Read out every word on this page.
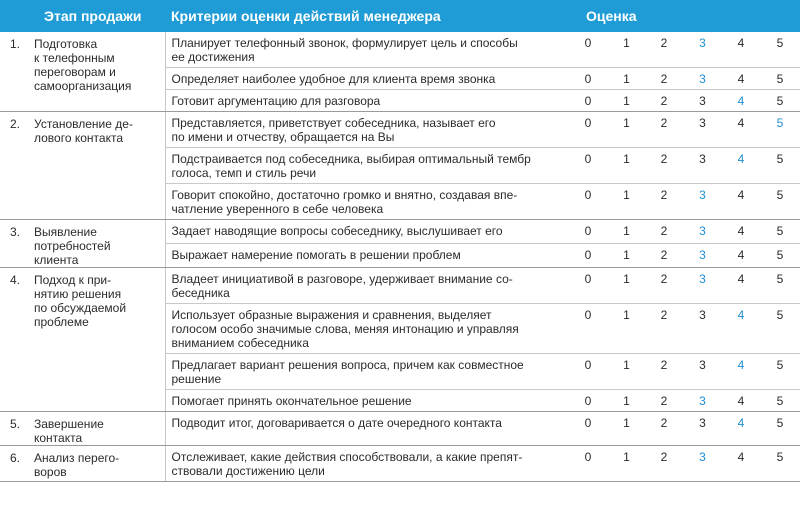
Этап продажи		Критерии оценки действий менеджера	Оценка					
1.	Подготовка
к телефонным
переговорам и
самоорганизация	Планирует телефонный звонок, формулирует цель и способы
ее достижения	0	1	2	3	4	5
		Определяет наиболее удобное для клиента время звонка	0	1	2	3	4	5
		Готовит аргументацию для разговора	0	1	2	3	4	5
2.	Установление де-
лового контакта	Представляется, приветствует собеседника, называет его
по имени и отчеству, обращается на Вы	0	1	2	3	4	5
		Подстраивается под собеседника, выбирая оптимальный тембр
голоса, темп и стиль речи	0	1	2	3	4	5
		Говорит спокойно, достаточно громко и внятно, создавая впе-
чатление уверенного в себе человека	0	1	2	3	4	5
3.	Выявление
потребностей
клиента	Задает наводящие вопросы собеседнику, выслушивает его	0	1	2	3	4	5
		Выражает намерение помогать в решении проблем	0	1	2	3	4	5
4.	Подход к при-
нятию решения
по обсуждаемой
проблеме	Владеет инициативой в разговоре, удерживает внимание со-
беседника	0	1	2	3	4	5
		Использует образные выражения и сравнения, выделяет
голосом особо значимые слова, меняя интонацию и управляя
вниманием собеседника	0	1	2	3	4	5
		Предлагает вариант решения вопроса, причем как совместное
решение	0	1	2	3	4	5
		Помогает принять окончательное решение	0	1	2	3	4	5
5.	Завершение
контакта	Подводит итог, договаривается о дате очередного контакта	0	1	2	3	4	5
6.	Анализ перего-
воров	Отслеживает, какие действия способствовали, а какие препят-
ствовали достижению цели	0	1	2	3	4	5
